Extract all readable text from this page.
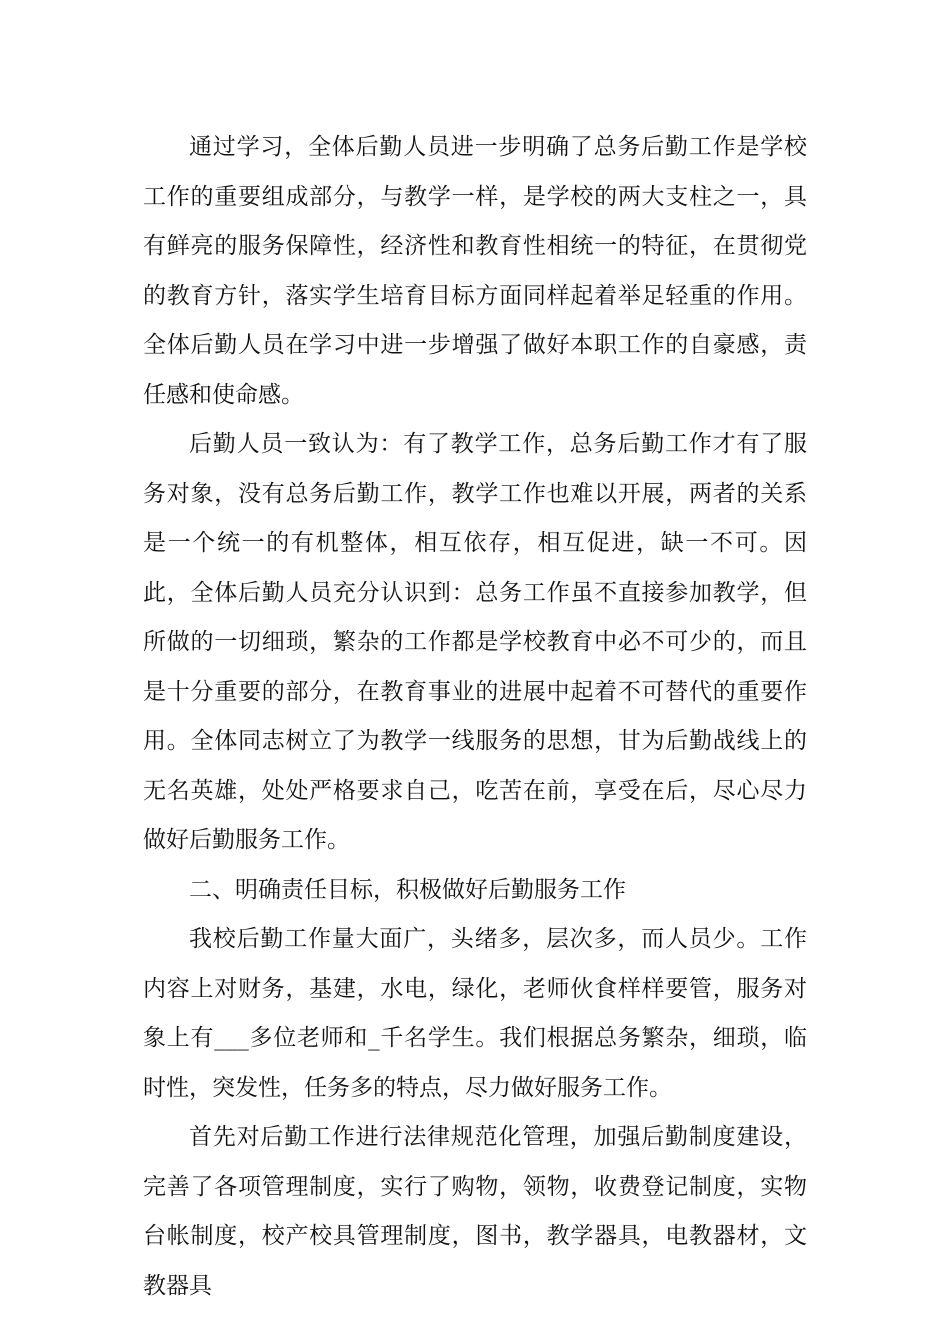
通过学习，全体后勤人员进一步明确了总务后勤工作是学校工作的重要组成部分，与教学一样，是学校的两大支柱之一，具有鲜亮的服务保障性，经济性和教育性相统一的特征，在贯彻党的教育方针，落实学生培育目标方面同样起着举足轻重的作用。全体后勤人员在学习中进一步增强了做好本职工作的自豪感，责任感和使命感。

后勤人员一致认为：有了教学工作，总务后勤工作才有了服务对象，没有总务后勤工作，教学工作也难以开展，两者的关系是一个统一的有机整体，相互依存，相互促进，缺一不可。因此，全体后勤人员充分认识到：总务工作虽不直接参加教学，但所做的一切细琐，繁杂的工作都是学校教育中必不可少的，而且是十分重要的部分，在教育事业的进展中起着不可替代的重要作用。全体同志树立了为教学一线服务的思想，甘为后勤战线上的无名英雄，处处严格要求自己，吃苦在前，享受在后，尽心尽力做好后勤服务工作。

二、明确责任目标，积极做好后勤服务工作

我校后勤工作量大面广，头绪多，层次多，而人员少。工作内容上对财务，基建，水电，绿化，老师伙食样样要管，服务对象上有___多位老师和_千名学生。我们根据总务繁杂，细琐，临时性，突发性，任务多的特点，尽力做好服务工作。

首先对后勤工作进行法律规范化管理，加强后勤制度建设，完善了各项管理制度，实行了购物，领物，收费登记制度，实物台帐制度，校产校具管理制度，图书，教学器具，电教器材，文教器具
